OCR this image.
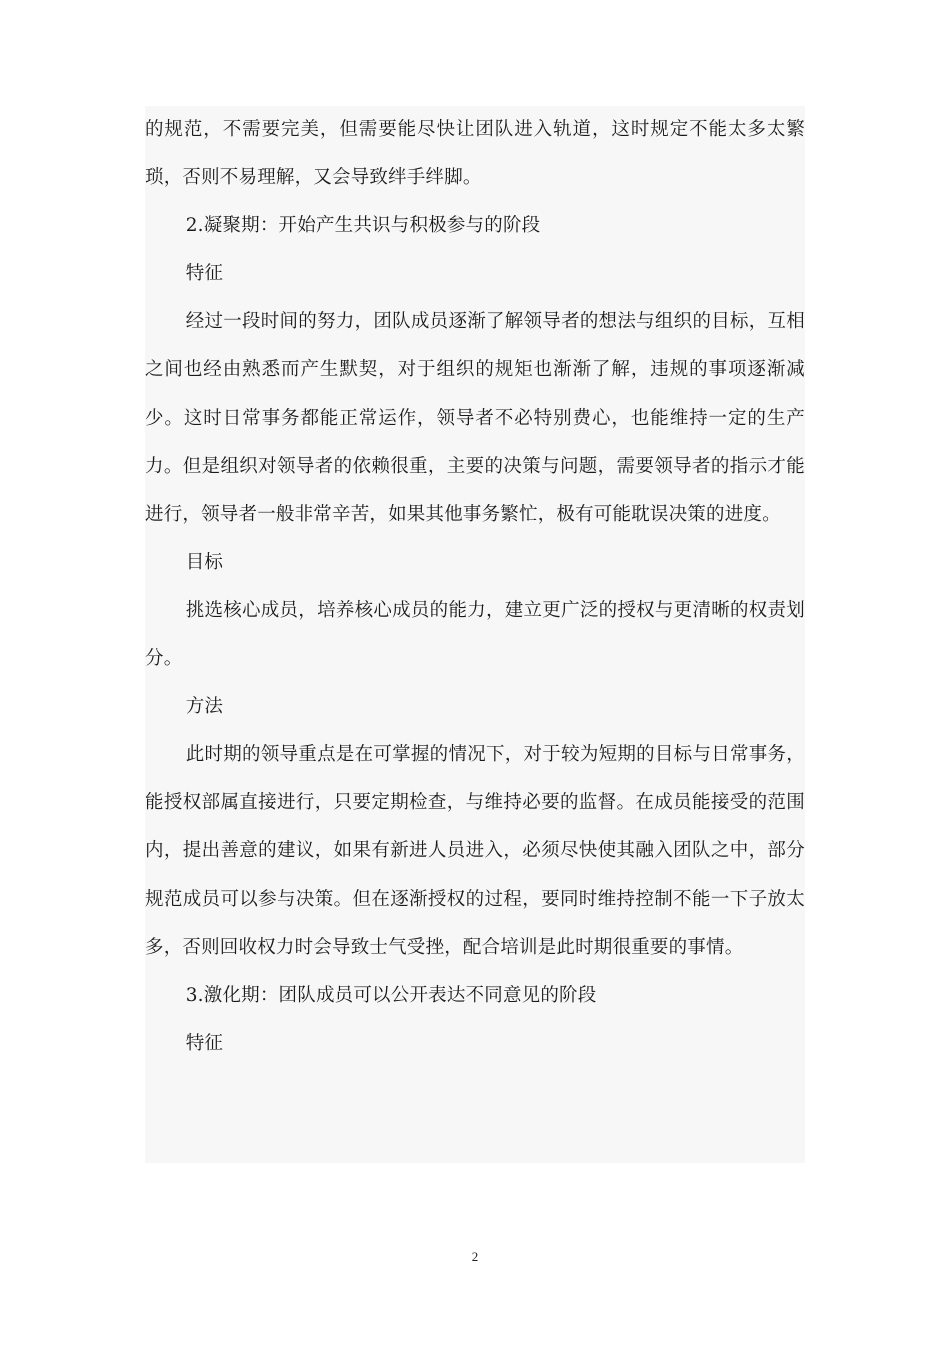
的规范，不需要完美，但需要能尽快让团队进入轨道，这时规定不能太多太繁琐，否则不易理解，又会导致绊手绊脚。

2.凝聚期：开始产生共识与积极参与的阶段

特征

经过一段时间的努力，团队成员逐渐了解领导者的想法与组织的目标，互相之间也经由熟悉而产生默契，对于组织的规矩也渐渐了解，违规的事项逐渐减少。这时日常事务都能正常运作，领导者不必特别费心，也能维持一定的生产力。但是组织对领导者的依赖很重，主要的决策与问题，需要领导者的指示才能进行，领导者一般非常辛苦，如果其他事务繁忙，极有可能耽误决策的进度。

目标

挑选核心成员，培养核心成员的能力，建立更广泛的授权与更清晰的权责划分。

方法

此时期的领导重点是在可掌握的情况下，对于较为短期的目标与日常事务，能授权部属直接进行，只要定期检查，与维持必要的监督。在成员能接受的范围内，提出善意的建议，如果有新进人员进入，必须尽快使其融入团队之中，部分规范成员可以参与决策。但在逐渐授权的过程，要同时维持控制不能一下子放太多，否则回收权力时会导致士气受挫，配合培训是此时期很重要的事情。

3.激化期：团队成员可以公开表达不同意见的阶段

特征

2
